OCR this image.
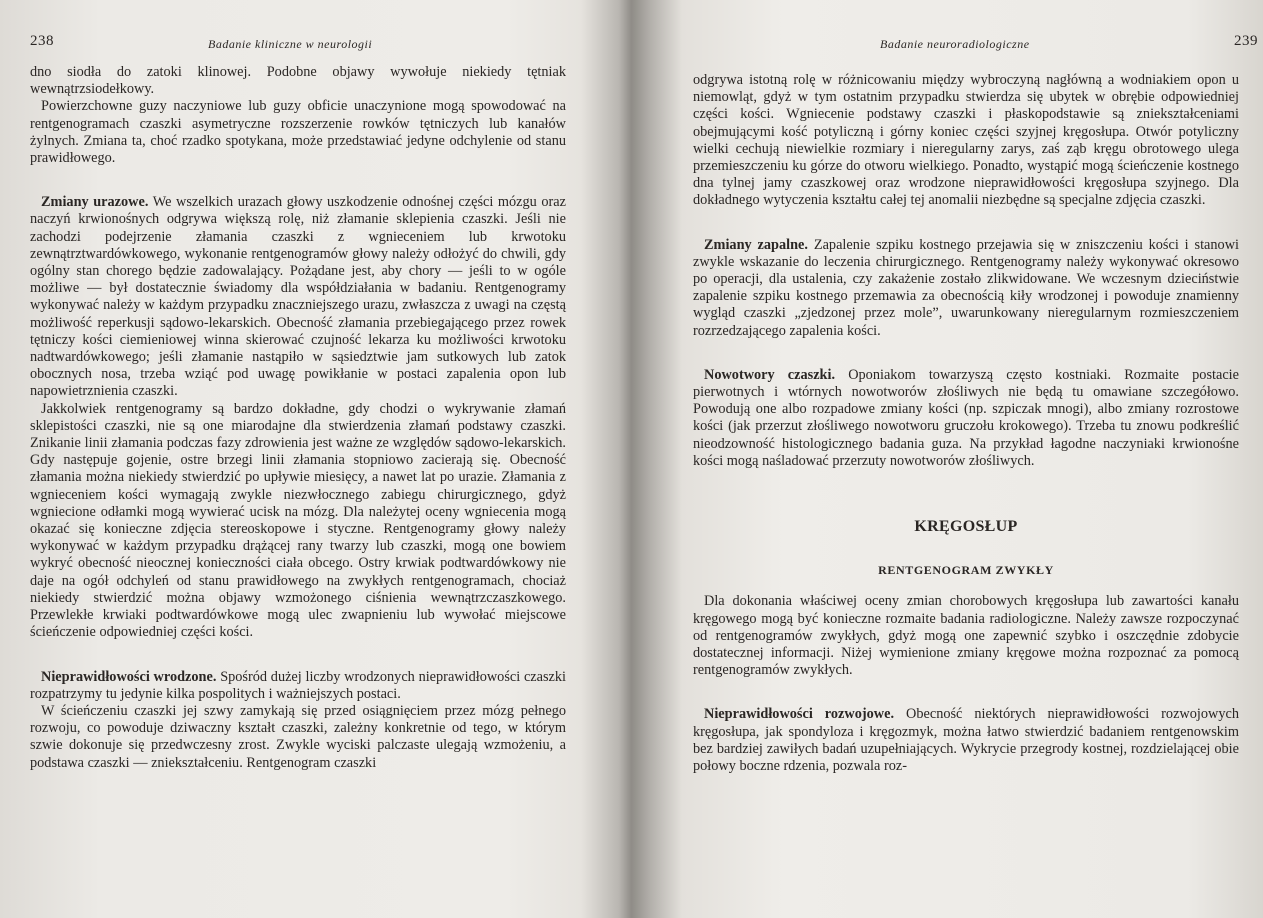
238	Badanie kliniczne w neurologii

dno siodła do zatoki klinowej. Podobne objawy wywołuje niekiedy tętniak wewnątrzsiodełkowy.

Powierzchowne guzy naczyniowe lub guzy obficie unaczynione mogą spowodować na rentgenogramach czaszki asymetryczne rozszerzenie rowków tętniczych lub kanałów żylnych. Zmiana ta, choć rzadko spotykana, może przedstawiać jedyne odchylenie od stanu prawidłowego.

Zmiany urazowe. We wszelkich urazach głowy uszkodzenie odnośnej części mózgu oraz naczyń krwionośnych odgrywa większą rolę, niż złamanie sklepienia czaszki. Jeśli nie zachodzi podejrzenie złamania czaszki z wgnieceniem lub krwotoku zewnątrztwardówkowego, wykonanie rentgenogramów głowy należy odłożyć do chwili, gdy ogólny stan chorego będzie zadowalający. Pożądane jest, aby chory — jeśli to w ogóle możliwe — był dostatecznie świadomy dla współdziałania w badaniu. Rentgenogramy wykonywać należy w każdym przypadku znaczniejszego urazu, zwłaszcza z uwagi na częstą możliwość reperkusji sądowo-lekarskich. Obecność złamania przebiegającego przez rowek tętniczy kości ciemieniowej winna skierować czujność lekarza ku możliwości krwotoku nadtwardówkowego; jeśli złamanie nastąpiło w sąsiedztwie jam sutkowych lub zatok obocznych nosa, trzeba wziąć pod uwagę powikłanie w postaci zapalenia opon lub napowietrznienia czaszki.

Jakkolwiek rentgenogramy są bardzo dokładne, gdy chodzi o wykrywanie złamań sklepistości czaszki, nie są one miarodajne dla stwierdzenia złamań podstawy czaszki. Znikanie linii złamania podczas fazy zdrowienia jest ważne ze względów sądowo-lekarskich. Gdy następuje gojenie, ostre brzegi linii złamania stopniowo zacierają się. Obecność złamania można niekiedy stwierdzić po upływie miesięcy, a nawet lat po urazie. Złamania z wgnieceniem kości wymagają zwykle niezwłocznego zabiegu chirurgicznego, gdyż wgniecione odłamki mogą wywierać ucisk na mózg. Dla należytej oceny wgniecenia mogą okazać się konieczne zdjęcia stereoskopowe i styczne. Rentgenogramy głowy należy wykonywać w każdym przypadku drążącej rany twarzy lub czaszki, mogą one bowiem wykryć obecność nieocznej konieczności ciała obcego. Ostry krwiak podtwardówkowy nie daje na ogół odchyleń od stanu prawidłowego na zwykłych rentgenogramach, chociaż niekiedy stwierdzić można objawy wzmożonego ciśnienia wewnątrzczaszkowego. Przewlekłe krwiaki podtwardówkowe mogą ulec zwapnieniu lub wywołać miejscowe ścieńczenie odpowiedniej części kości.

Nieprawidłowości wrodzone. Spośród dużej liczby wrodzonych nieprawidłowości czaszki rozpatrzymy tu jedynie kilka pospolitych i ważniejszych postaci.

W ścieńczeniu czaszki jej szwy zamykają się przed osiągnięciem przez mózg pełnego rozwoju, co powoduje dziwaczny kształt czaszki, zależny konkretnie od tego, w którym szwie dokonuje się przedwczesny zrost. Zwykle wyciski palczaste ulegają wzmożeniu, a podstawa czaszki — zniekształceniu. Rentgenogram czaszki

Badanie neuroradiologiczne	239

odgrywa istotną rolę w różnicowaniu między wybroczyną nagłówną a wodniakiem opon u niemowląt, gdyż w tym ostatnim przypadku stwierdza się ubytek w obrębie odpowiedniej części kości. Wgniecenie podstawy czaszki i płaskopodstawie są zniekształceniami obejmującymi kość potyliczną i górny koniec części szyjnej kręgosłupa. Otwór potyliczny wielki cechują niewielkie rozmiary i nieregularny zarys, zaś ząb kręgu obrotowego ulega przemieszczeniu ku górze do otworu wielkiego. Ponadto, wystąpić mogą ścieńczenie kostnego dna tylnej jamy czaszkowej oraz wrodzone nieprawidłowości kręgosłupa szyjnego. Dla dokładnego wytyczenia kształtu całej tej anomalii niezbędne są specjalne zdjęcia czaszki.

Zmiany zapalne. Zapalenie szpiku kostnego przejawia się w zniszczeniu kości i stanowi zwykle wskazanie do leczenia chirurgicznego. Rentgenogramy należy wykonywać okresowo po operacji, dla ustalenia, czy zakażenie zostało zlikwidowane. We wczesnym dzieciństwie zapalenie szpiku kostnego przemawia za obecnością kiły wrodzonej i powoduje znamienny wygląd czaszki „zjedzonej przez mole”, uwarunkowany nieregularnym rozmieszczeniem rozrzedzającego zapalenia kości.

Nowotwory czaszki. Oponiakom towarzyszą często kostniaki. Rozmaite postacie pierwotnych i wtórnych nowotworów złośliwych nie będą tu omawiane szczegółowo. Powodują one albo rozpadowe zmiany kości (np. szpiczak mnogi), albo zmiany rozrostowe kości (jak przerzut złośliwego nowotworu gruczołu krokowego). Trzeba tu znowu podkreślić nieodzowność histologicznego badania guza. Na przykład łagodne naczyniaki krwionośne kości mogą naśladować przerzuty nowotworów złośliwych.

KRĘGOSŁUP

RENTGENOGRAM ZWYKŁY

Dla dokonania właściwej oceny zmian chorobowych kręgosłupa lub zawartości kanału kręgowego mogą być konieczne rozmaite badania radiologiczne. Należy zawsze rozpoczynać od rentgenogramów zwykłych, gdyż mogą one zapewnić szybko i oszczędnie zdobycie dostatecznej informacji. Niżej wymienione zmiany kręgowe można rozpoznać za pomocą rentgenogramów zwykłych.

Nieprawidłowości rozwojowe. Obecność niektórych nieprawidłowości rozwojowych kręgosłupa, jak spondyloza i kręgozmyk, można łatwo stwierdzić badaniem rentgenowskim bez bardziej zawiłych badań uzupełniających. Wykrycie przegrody kostnej, rozdzielającej obie połowy boczne rdzenia, pozwala roz-
